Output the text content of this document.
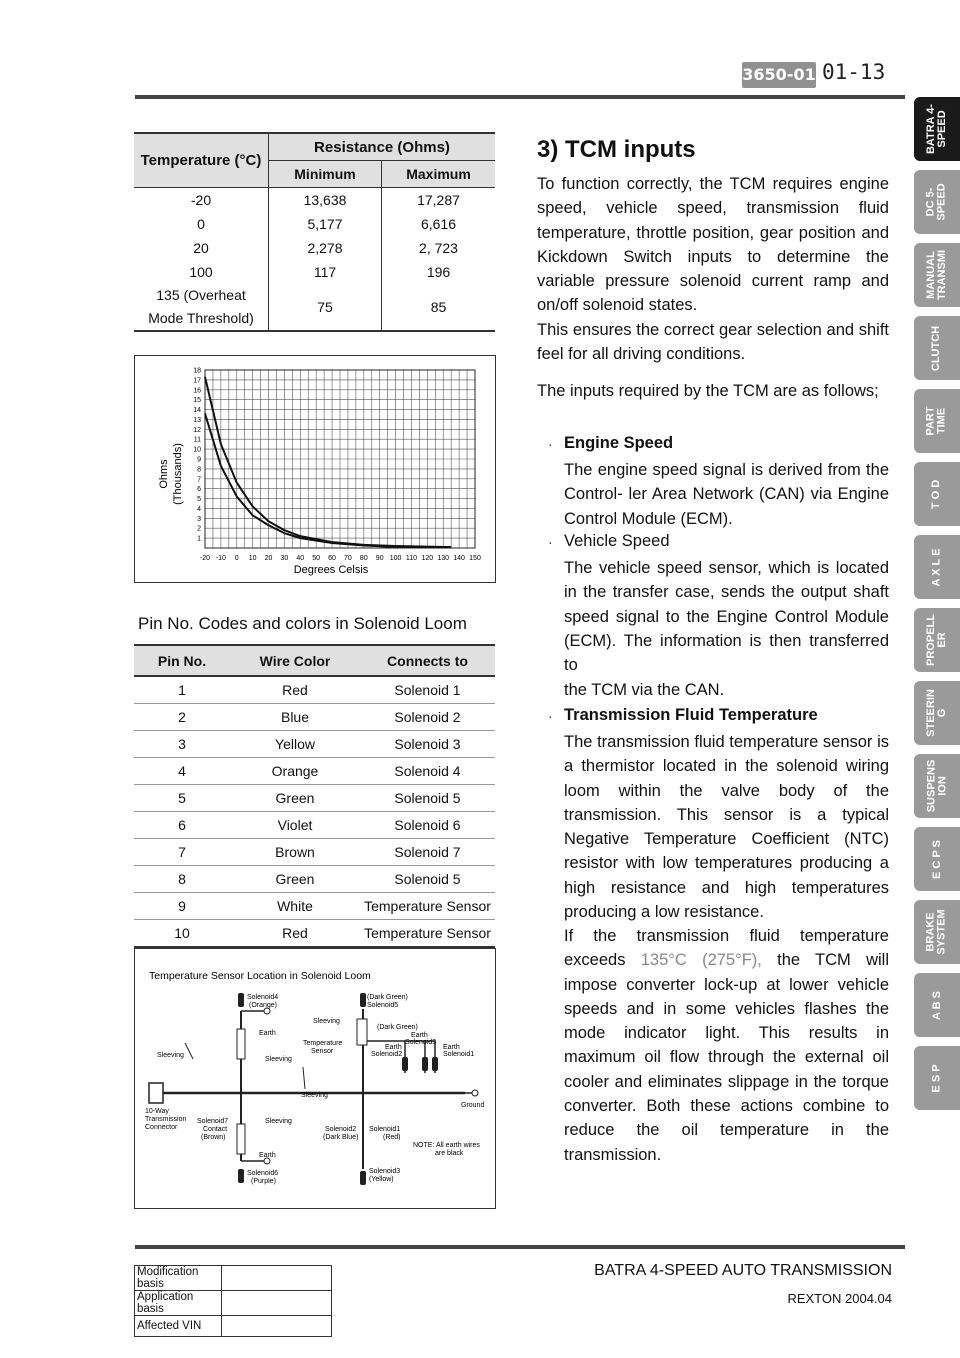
3650-01 01-13
BATRA 4-
SPEED
DC 5-
SPEED
MANUAL
TRANSMI
CLUTCH
PART
TIME
T O D
A X L E
PROPELL
ER
STEERIN
G
SUSPENS
ION
E C P S
BRAKE
SYSTEM
A B S
E S P
Temperature (°C)	Resistance (Ohms)	
	Minimum	Maximum
-20	13,638	17,287
0	5,177	6,616
20	2,278	2, 723
100	117	196
135 (Overheat
Mode Threshold)	75	85
-20 -10 0 10 20 30 40 50 60 70 80 90 100 110 120 130 140 150
1
2
3
4
5
6
7
8
9
10
11
12
13
14
15
16
17
18
Ohms (Thousands)
Degrees Celsis
Pin No. Codes and colors in Solenoid Loom
Pin No.	Wire Color	Connects to
1	Red	Solenoid 1
2	Blue	Solenoid 2
3	Yellow	Solenoid 3
4	Orange	Solenoid 4
5	Green	Solenoid 5
6	Violet	Solenoid 6
7	Brown	Solenoid 7
8	Green	Solenoid 5
9	White	Temperature Sensor
10	Red	Temperature Sensor
Temperature Sensor Location in Solenoid Loom
Solenoid4
(Orange)
Earth
Sleeving
Sleeving
Sleeving
Temperature
Sensor
Sleeving
(Dark Green)
Solenoid5
(Dark Green)
Earth
Solenoid3
Earth
Solenoid2
Earth
Solenoid1
Ground
10-Way
Transmission
Connector
Solenoid7
Contact
(Brown)
Sleeving
Earth
Solenoid6
(Purple)
Solenoid2
(Dark Blue)
Solenoid1
(Red)
Solenoid3
(Yellow)
NOTE: All earth wires
are black
3) TCM inputs
To function correctly, the TCM requires engine speed, vehicle speed, transmission fluid temperature, throttle position, gear position and Kickdown Switch inputs to determine the variable pressure solenoid current ramp and on/off solenoid states.
This ensures the correct gear selection and shift feel for all driving conditions.
The inputs required by the TCM are as follows;
· Engine Speed
The engine speed signal is derived from the Control- ler Area Network (CAN) via Engine Control Module (ECM).
· Vehicle Speed
The vehicle speed sensor, which is located in the transfer case, sends the output shaft speed signal to the Engine Control Module (ECM). The information is then transferred to
the TCM via the CAN.
· Transmission Fluid Temperature
The transmission fluid temperature sensor is a thermistor located in the solenoid wiring loom within the valve body of the transmission. This sensor is a typical Negative Temperature Coefficient (NTC) resistor with low temperatures producing a high resistance and high temperatures producing a low resistance.
If the transmission fluid temperature exceeds 135°C (275°F), the TCM will impose converter lock-up at lower vehicle speeds and in some vehicles flashes the mode indicator light. This results in maximum oil flow through the external oil cooler and eliminates slippage in the torque converter. Both these actions combine to reduce the oil temperature in the transmission.
BATRA 4-SPEED AUTO TRANSMISSION
REXTON 2004.04
Modification basis	
Application basis	
Affected VIN	
